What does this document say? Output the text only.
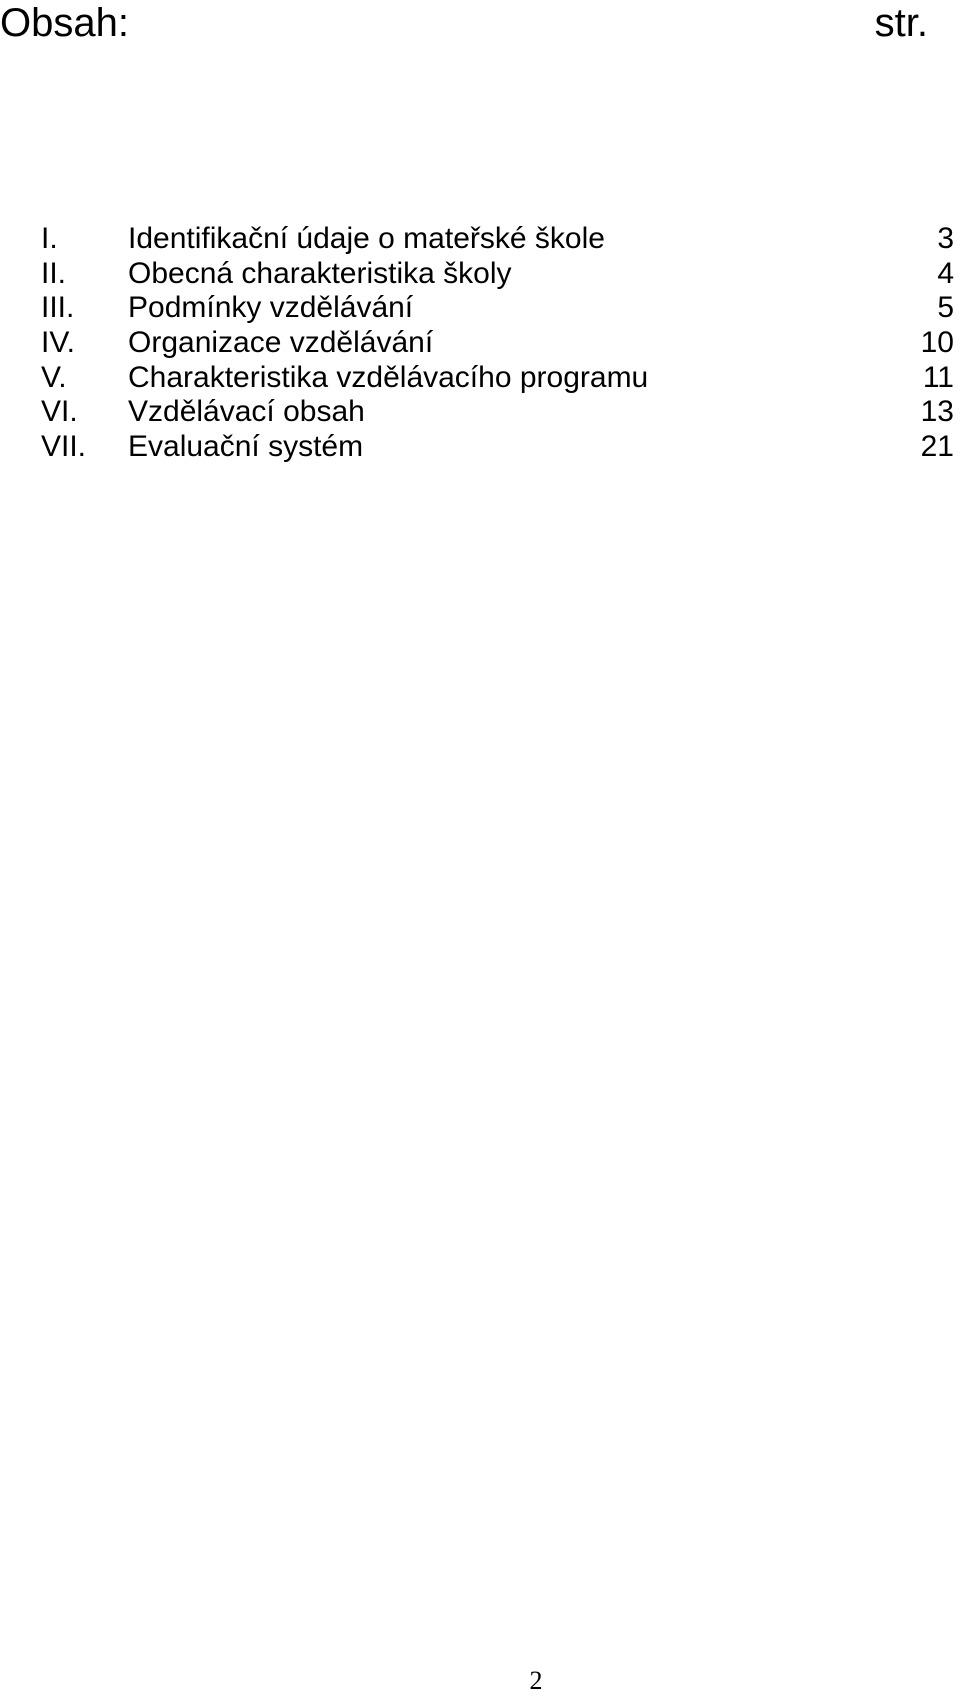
Obsah:	str.
I. Identifikační údaje o mateřské škole	3
II. Obecná charakteristika školy	4
III. Podmínky vzdělávání	5
IV. Organizace vzdělávání	10
V. Charakteristika vzdělávacího programu	11
VI. Vzdělávací obsah	13
VII. Evaluační systém	21
2
